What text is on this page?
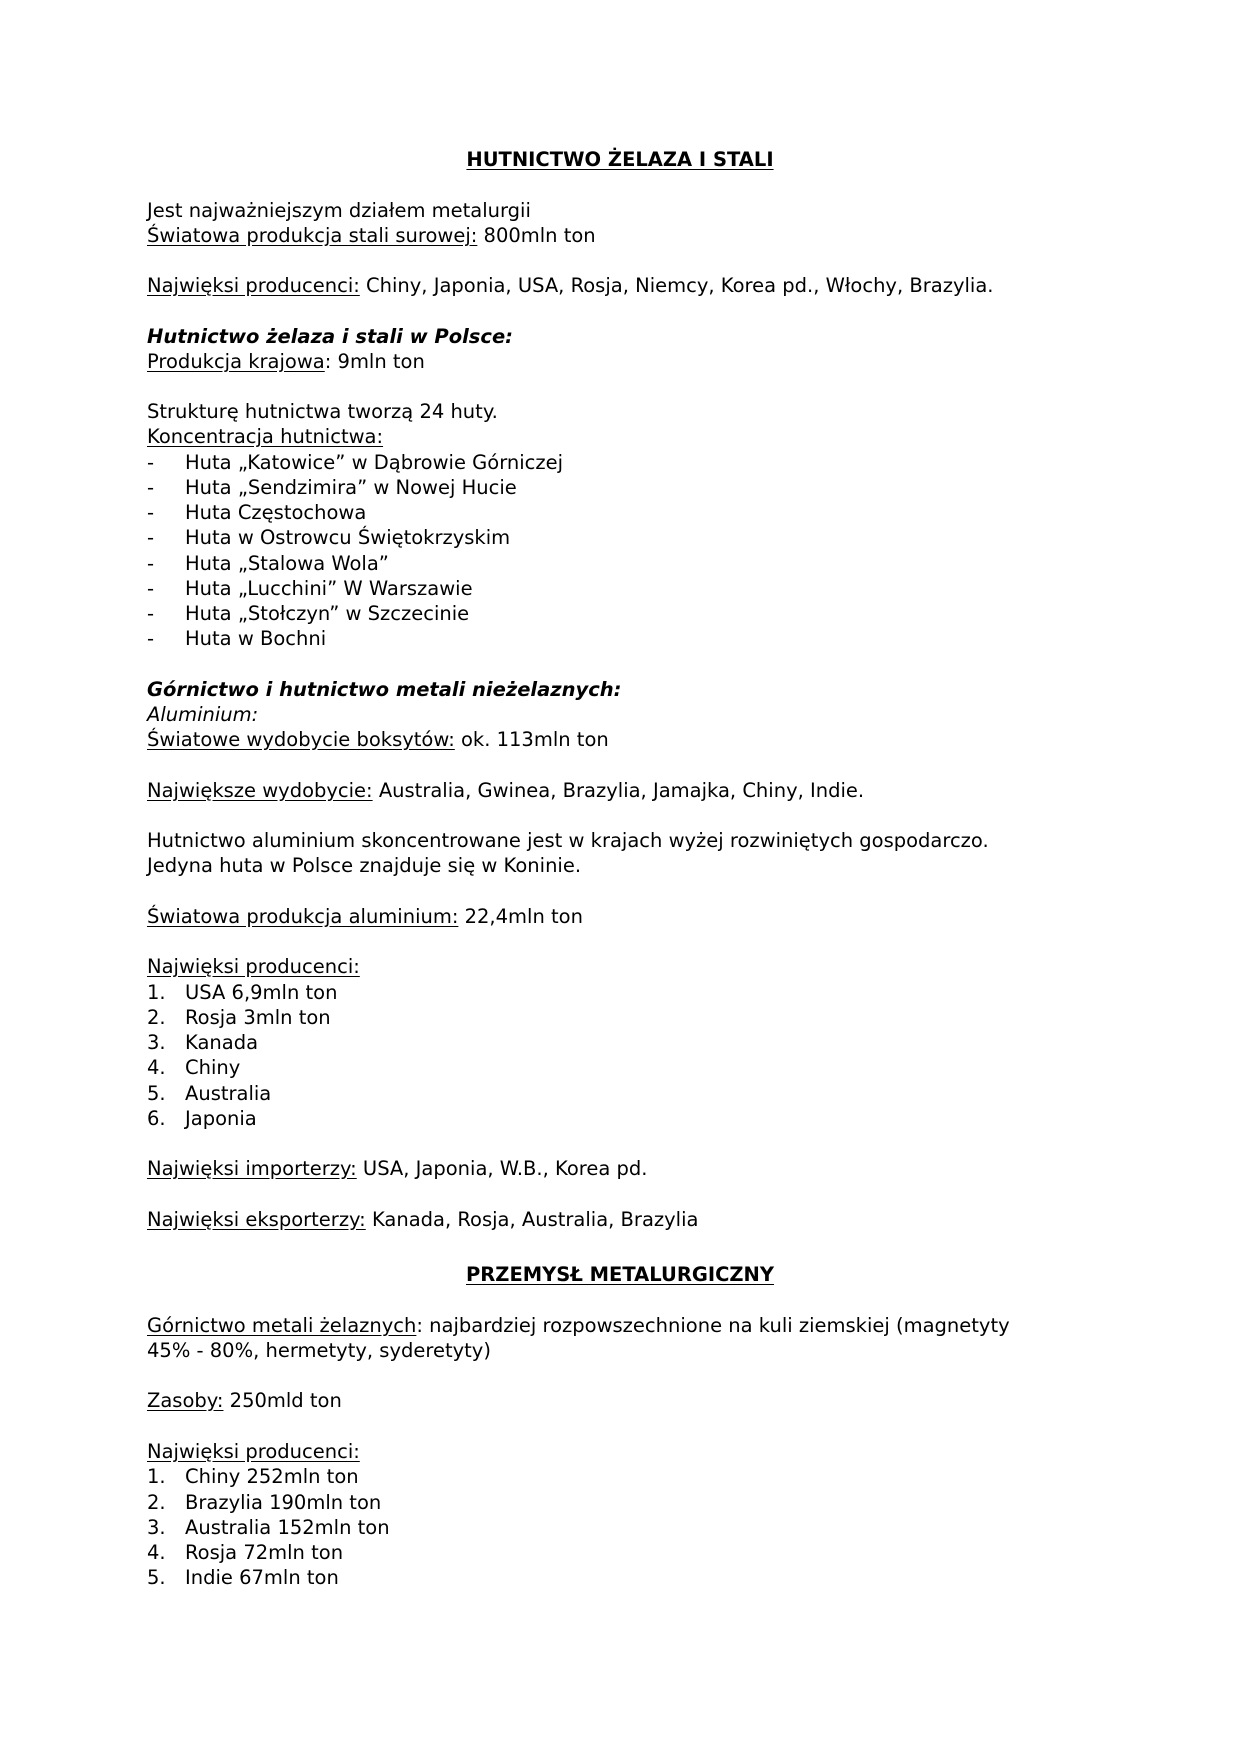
HUTNICTWO ŻELAZA I STALI
Jest najważniejszym działem metalurgii
Światowa produkcja stali surowej: 800mln ton
Najwięksi producenci: Chiny, Japonia, USA, Rosja, Niemcy, Korea pd., Włochy, Brazylia.
Hutnictwo żelaza i stali w Polsce:
Produkcja krajowa: 9mln ton
Strukturę hutnictwa tworzą 24 huty.
Koncentracja hutnictwa:
- Huta „Katowice” w Dąbrowie Górniczej
- Huta „Sendzimira” w Nowej Hucie
- Huta Częstochowa
- Huta w Ostrowcu Świętokrzyskim
- Huta „Stalowa Wola”
- Huta „Lucchini” W Warszawie
- Huta „Stołczyn” w Szczecinie
- Huta w Bochni
Górnictwo i hutnictwo metali nieżelaznych:
Aluminium:
Światowe wydobycie boksytów: ok. 113mln ton
Największe wydobycie: Australia, Gwinea, Brazylia, Jamajka, Chiny, Indie.
Hutnictwo aluminium skoncentrowane jest w krajach wyżej rozwiniętych gospodarczo.
Jedyna huta w Polsce znajduje się w Koninie.
Światowa produkcja aluminium: 22,4mln ton
Najwięksi producenci:
1. USA 6,9mln ton
2. Rosja 3mln ton
3. Kanada
4. Chiny
5. Australia
6. Japonia
Najwięksi importerzy: USA, Japonia, W.B., Korea pd.
Najwięksi eksporterzy: Kanada, Rosja, Australia, Brazylia
PRZEMYSŁ METALURGICZNY
Górnictwo metali żelaznych: najbardziej rozpowszechnione na kuli ziemskiej (magnetyty
45% - 80%, hermetyty, syderetyty)
Zasoby: 250mld ton
Najwięksi producenci:
1. Chiny 252mln ton
2. Brazylia 190mln ton
3. Australia 152mln ton
4. Rosja 72mln ton
5. Indie 67mln ton
